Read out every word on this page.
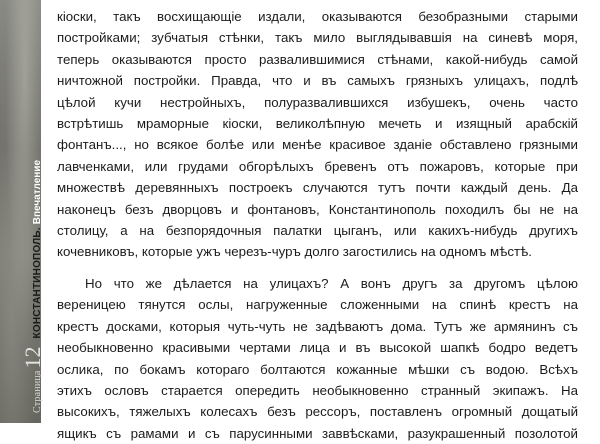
Страница
12
КОНСТАНТИНОПОЛЬ.
Впечатление

кіоски, такъ восхищающіе издали, оказываются безобразными старыми
постройками; зубчатыя стѣнки, такъ мило выглядывавшія на синевѣ моря,
теперь оказываются просто развалившимися стѣнами, какой-нибудь самой
ничтожной постройки. Правда, что и въ самыхъ грязныхъ улицахъ, подлѣ
цѣлой кучи нестройныхъ, полуразвалившихся избушекъ, очень часто
встрѣтишь мраморные кіоски, великолѣпную мечеть и изящный арабскій
фонтанъ..., но всякое болѣе или менѣе красивое зданіе обставлено грязными
лавченками, или грудами обгорѣлыхъ бревенъ отъ пожаровъ, которые при
множествѣ деревянныхъ построекъ случаются тутъ почти каждый день. Да
наконецъ безъ дворцовъ и фонтановъ, Константинополь походилъ бы не на
столицу, а на безпорядочныя палатки цыганъ, или какихъ-нибудь другихъ
кочевниковъ, которые ужъ черезъ-чуръ долго загостились на одномъ мѣстѣ.

Но что же дѣлается на улицахъ? А вонъ другъ за другомъ цѣлою
вереницею тянутся ослы, нагруженные сложенными на спинѣ крестъ на
крестъ досками, которыя чуть-чуть не задѣваютъ дома. Тутъ же армянинъ съ
необыкновенно красивыми чертами лица и въ высокой шапкѣ бодро ведетъ
ослика, по бокамъ котораго болтаются кожанные мѣшки съ водою. Всѣхъ
этихъ ословъ старается опередить необыкновенно странный экипажъ. На
высокихъ, тяжелыхъ колесахъ безъ рессоръ, поставленъ огромный дощатый
ящикъ съ рамами и съ парусинными заввѣсками, разукрашенный позолотой
